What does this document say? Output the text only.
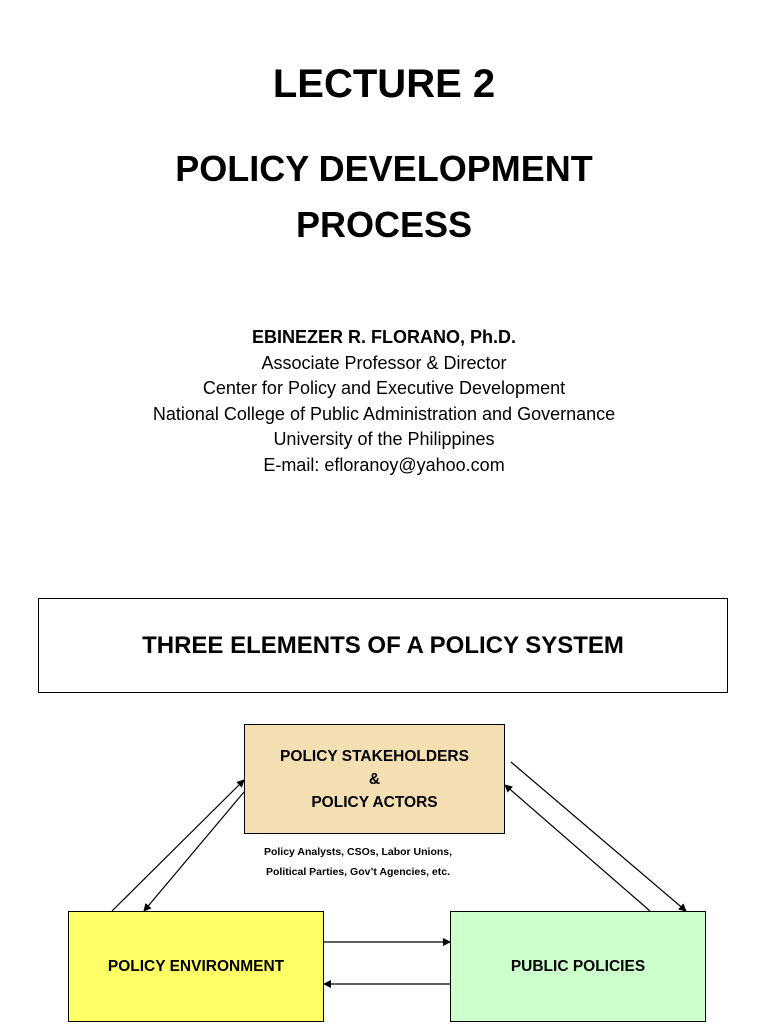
LECTURE 2
POLICY DEVELOPMENT
PROCESS
EBINEZER R. FLORANO, Ph.D.
Associate Professor & Director
Center for Policy and Executive Development
National College of Public Administration and Governance
University of the Philippines
E-mail: efloranoy@yahoo.com
THREE ELEMENTS OF A POLICY SYSTEM
POLICY STAKEHOLDERS
&
POLICY ACTORS
Policy Analysts, CSOs, Labor Unions,
Political Parties, Gov’t Agencies, etc.
POLICY ENVIRONMENT	PUBLIC POLICIES
